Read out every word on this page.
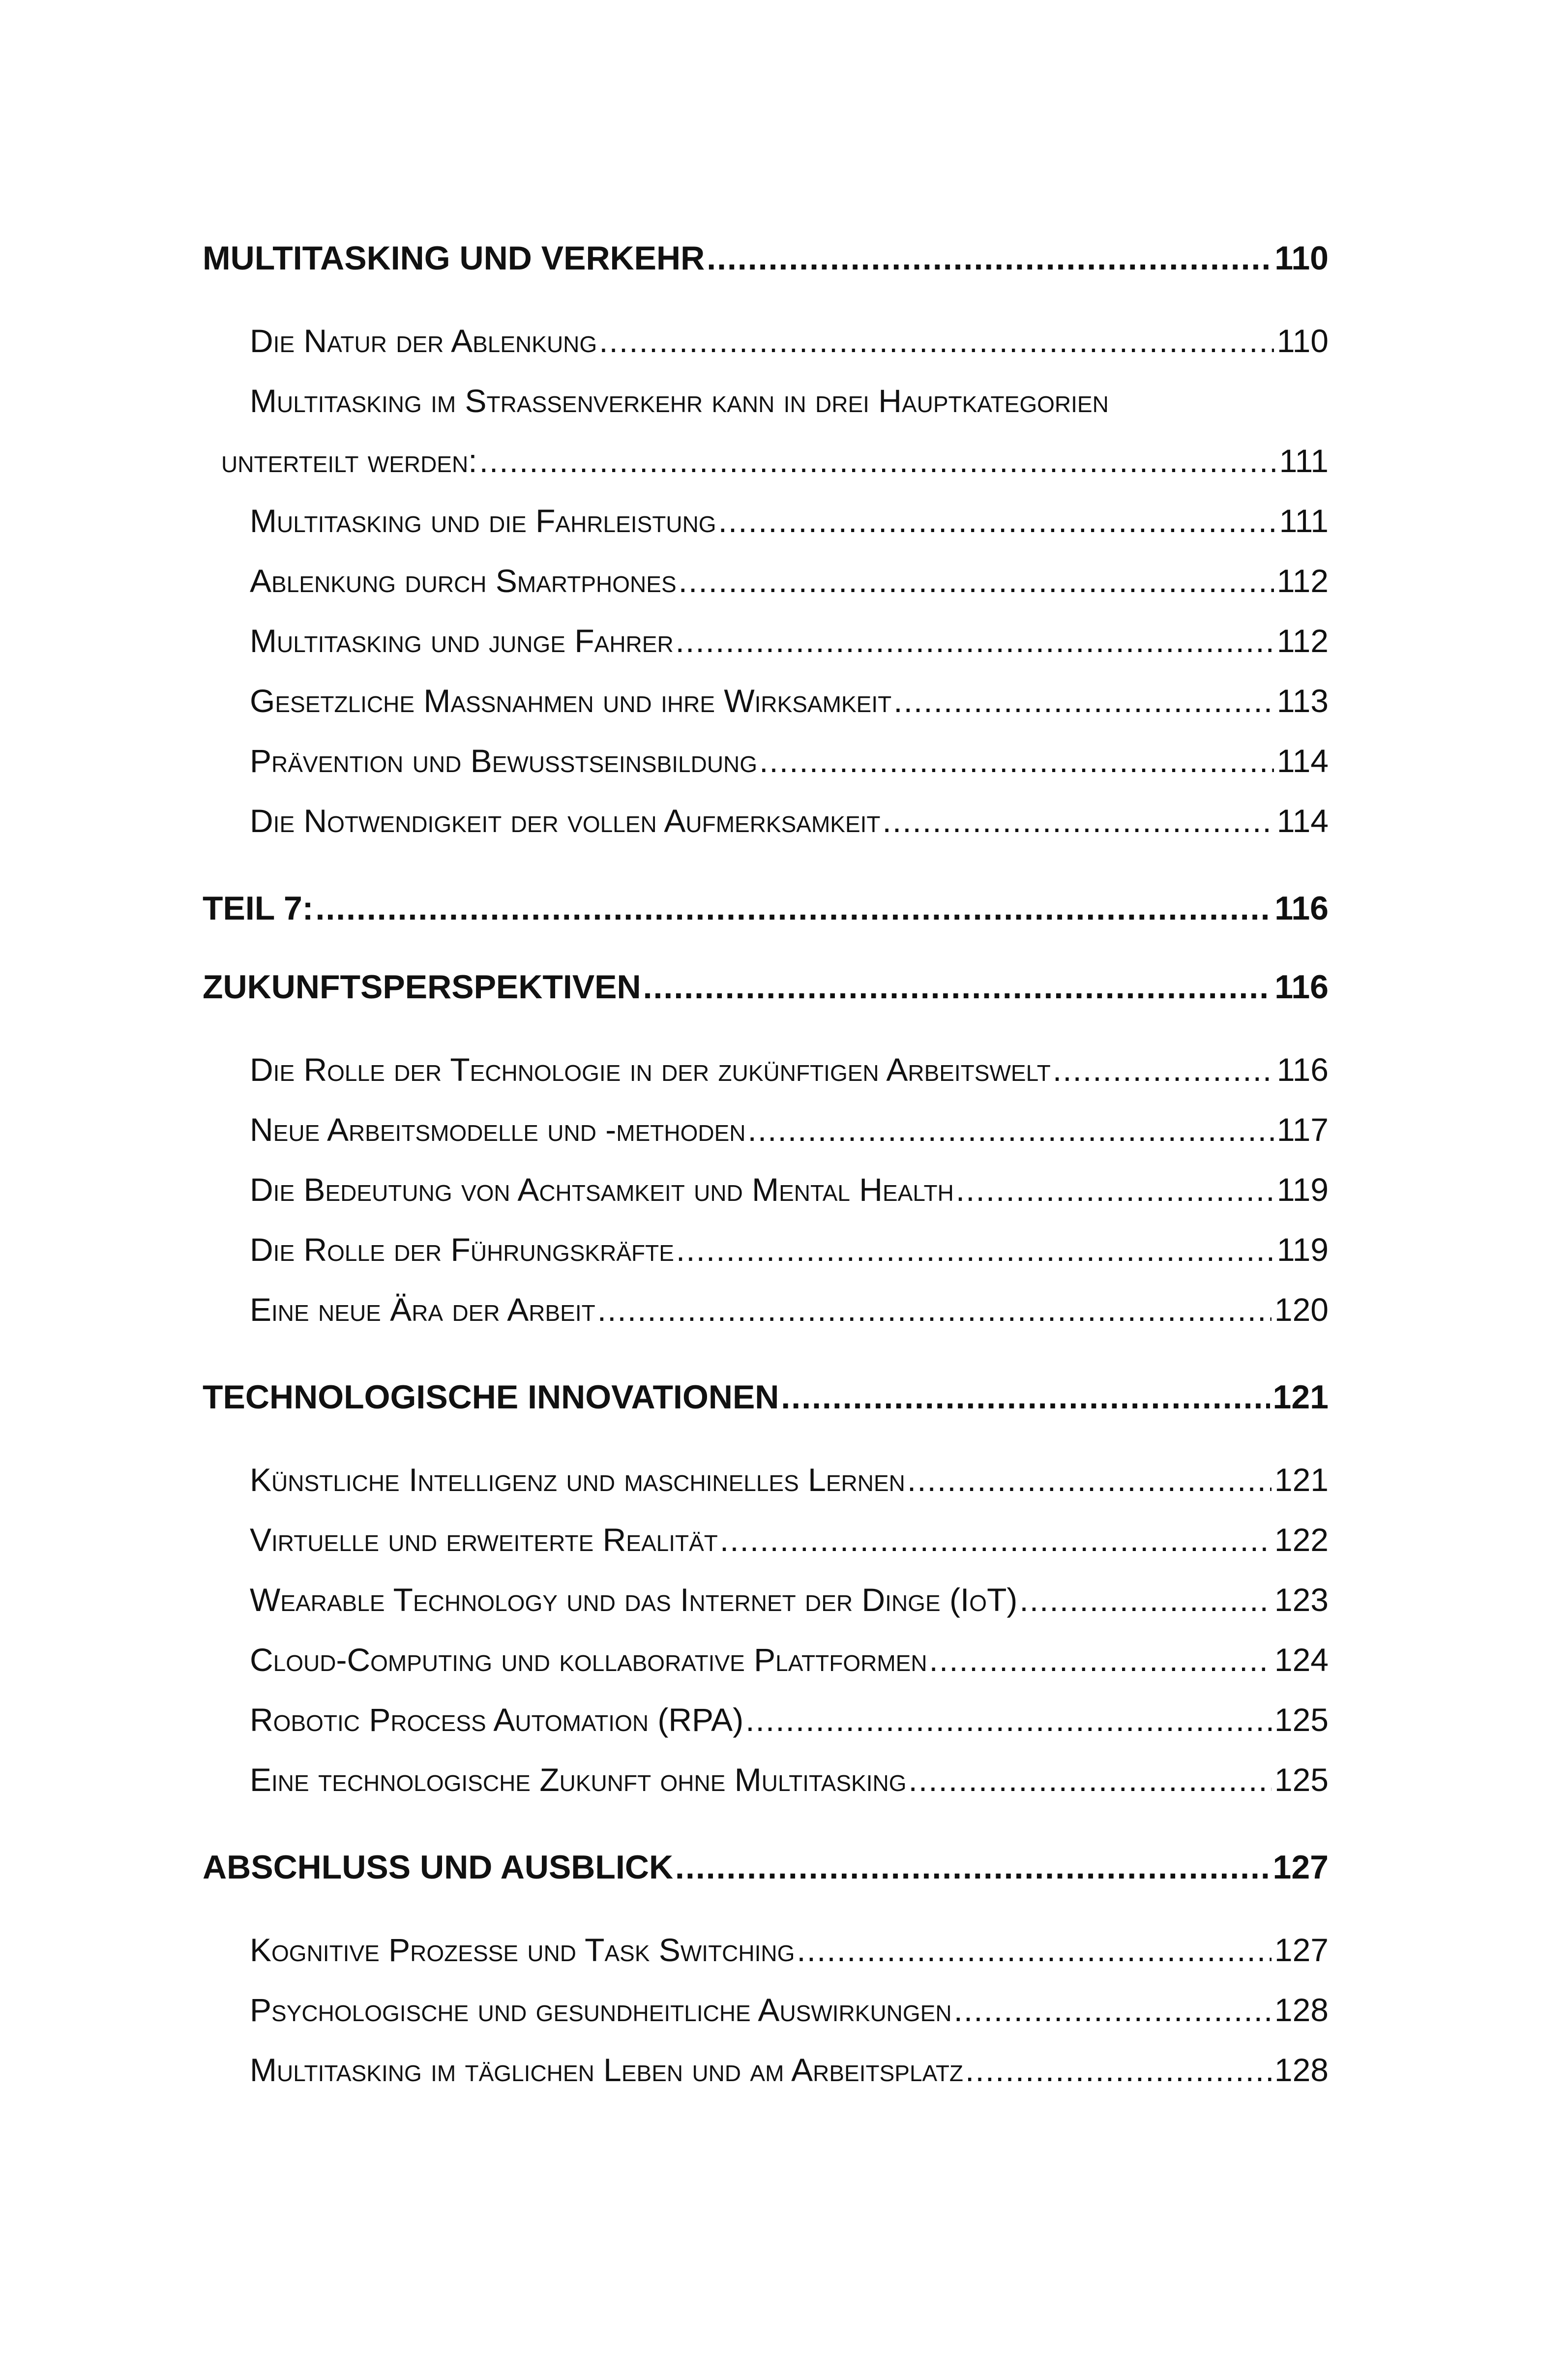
MULTITASKING UND VERKEHR .....	110
Die Natur der Ablenkung .....	110
Multitasking im Straßenverkehr kann in drei Hauptkategorien
unterteilt werden: .....	111
Multitasking und die Fahrleistung .....	111
Ablenkung durch Smartphones .....	112
Multitasking und junge Fahrer .....	112
Gesetzliche Maßnahmen und ihre Wirksamkeit .....	113
Prävention und Bewusstseinsbildung .....	114
Die Notwendigkeit der vollen Aufmerksamkeit .....	114
TEIL 7: .....	116
ZUKUNFTSPERSPEKTIVEN .....	116
Die Rolle der Technologie in der zukünftigen Arbeitswelt .....	116
Neue Arbeitsmodelle und -methoden .....	117
Die Bedeutung von Achtsamkeit und Mental Health .....	119
Die Rolle der Führungskräfte .....	119
Eine neue Ära der Arbeit .....	120
TECHNOLOGISCHE INNOVATIONEN .....	121
Künstliche Intelligenz und maschinelles Lernen .....	121
Virtuelle und erweiterte Realität .....	122
Wearable Technology und das Internet der Dinge (IoT) .....	123
Cloud-Computing und kollaborative Plattformen .....	124
Robotic Process Automation (RPA) .....	125
Eine technologische Zukunft ohne Multitasking .....	125
ABSCHLUSS UND AUSBLICK .....	127
Kognitive Prozesse und Task Switching .....	127
Psychologische und gesundheitliche Auswirkungen .....	128
Multitasking im täglichen Leben und am Arbeitsplatz .....	128
